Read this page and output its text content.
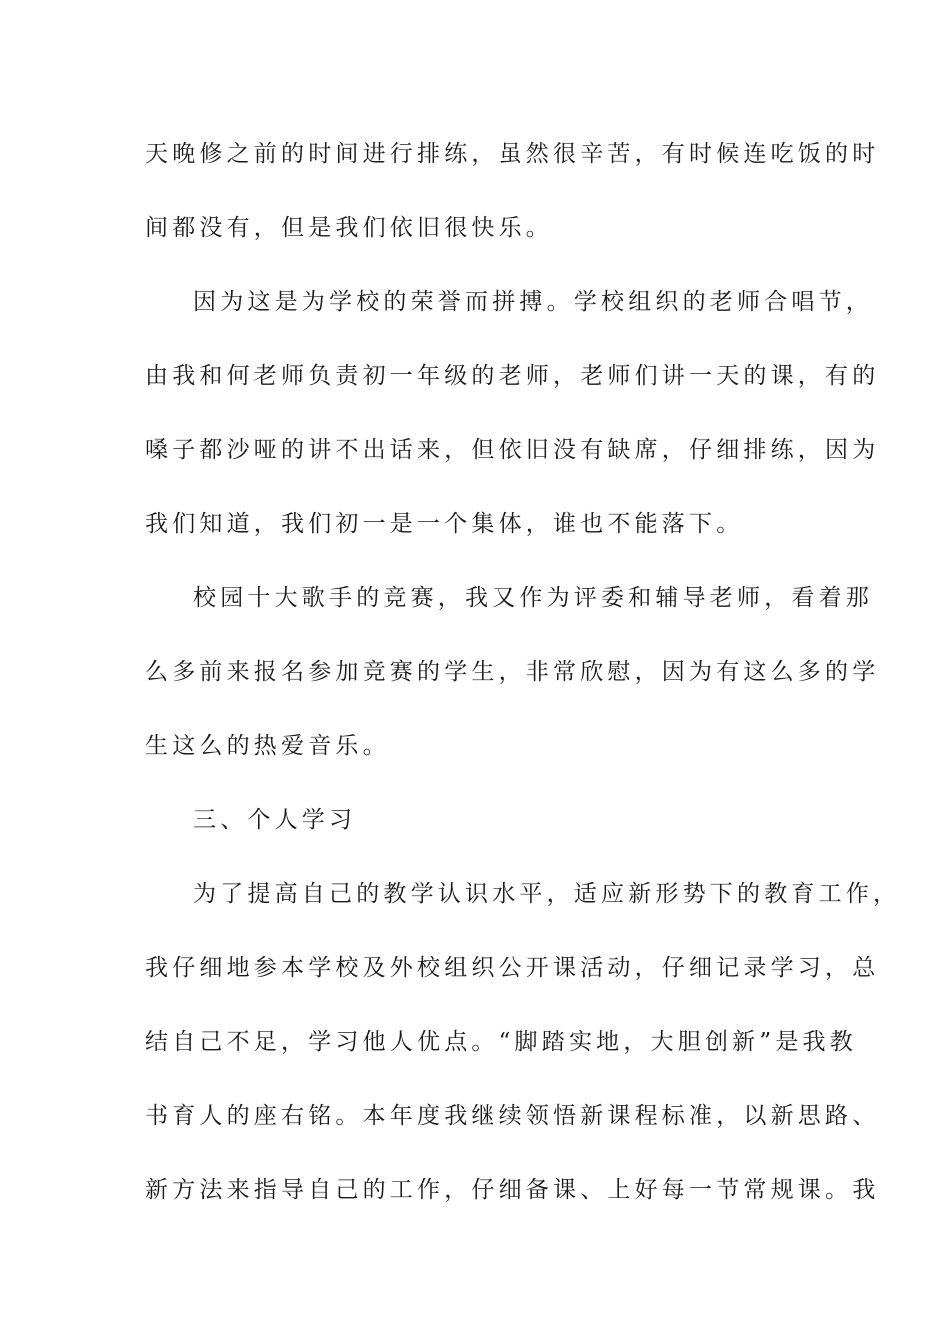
天晚修之前的时间进行排练，虽然很辛苦，有时候连吃饭的时
间都没有，但是我们依旧很快乐。
因为这是为学校的荣誉而拼搏。学校组织的老师合唱节，
由我和何老师负责初一年级的老师，老师们讲一天的课，有的
嗓子都沙哑的讲不出话来，但依旧没有缺席，仔细排练，因为
我们知道，我们初一是一个集体，谁也不能落下。
校园十大歌手的竞赛，我又作为评委和辅导老师，看着那
么多前来报名参加竞赛的学生，非常欣慰，因为有这么多的学
生这么的热爱音乐。
三、个人学习
为了提高自己的教学认识水平，适应新形势下的教育工作，
我仔细地参本学校及外校组织公开课活动，仔细记录学习，总
结自己不足，学习他人优点。“脚踏实地，大胆创新”是我教
书育人的座右铭。本年度我继续领悟新课程标准，以新思路、
新方法来指导自己的工作，仔细备课、上好每一节常规课。我
